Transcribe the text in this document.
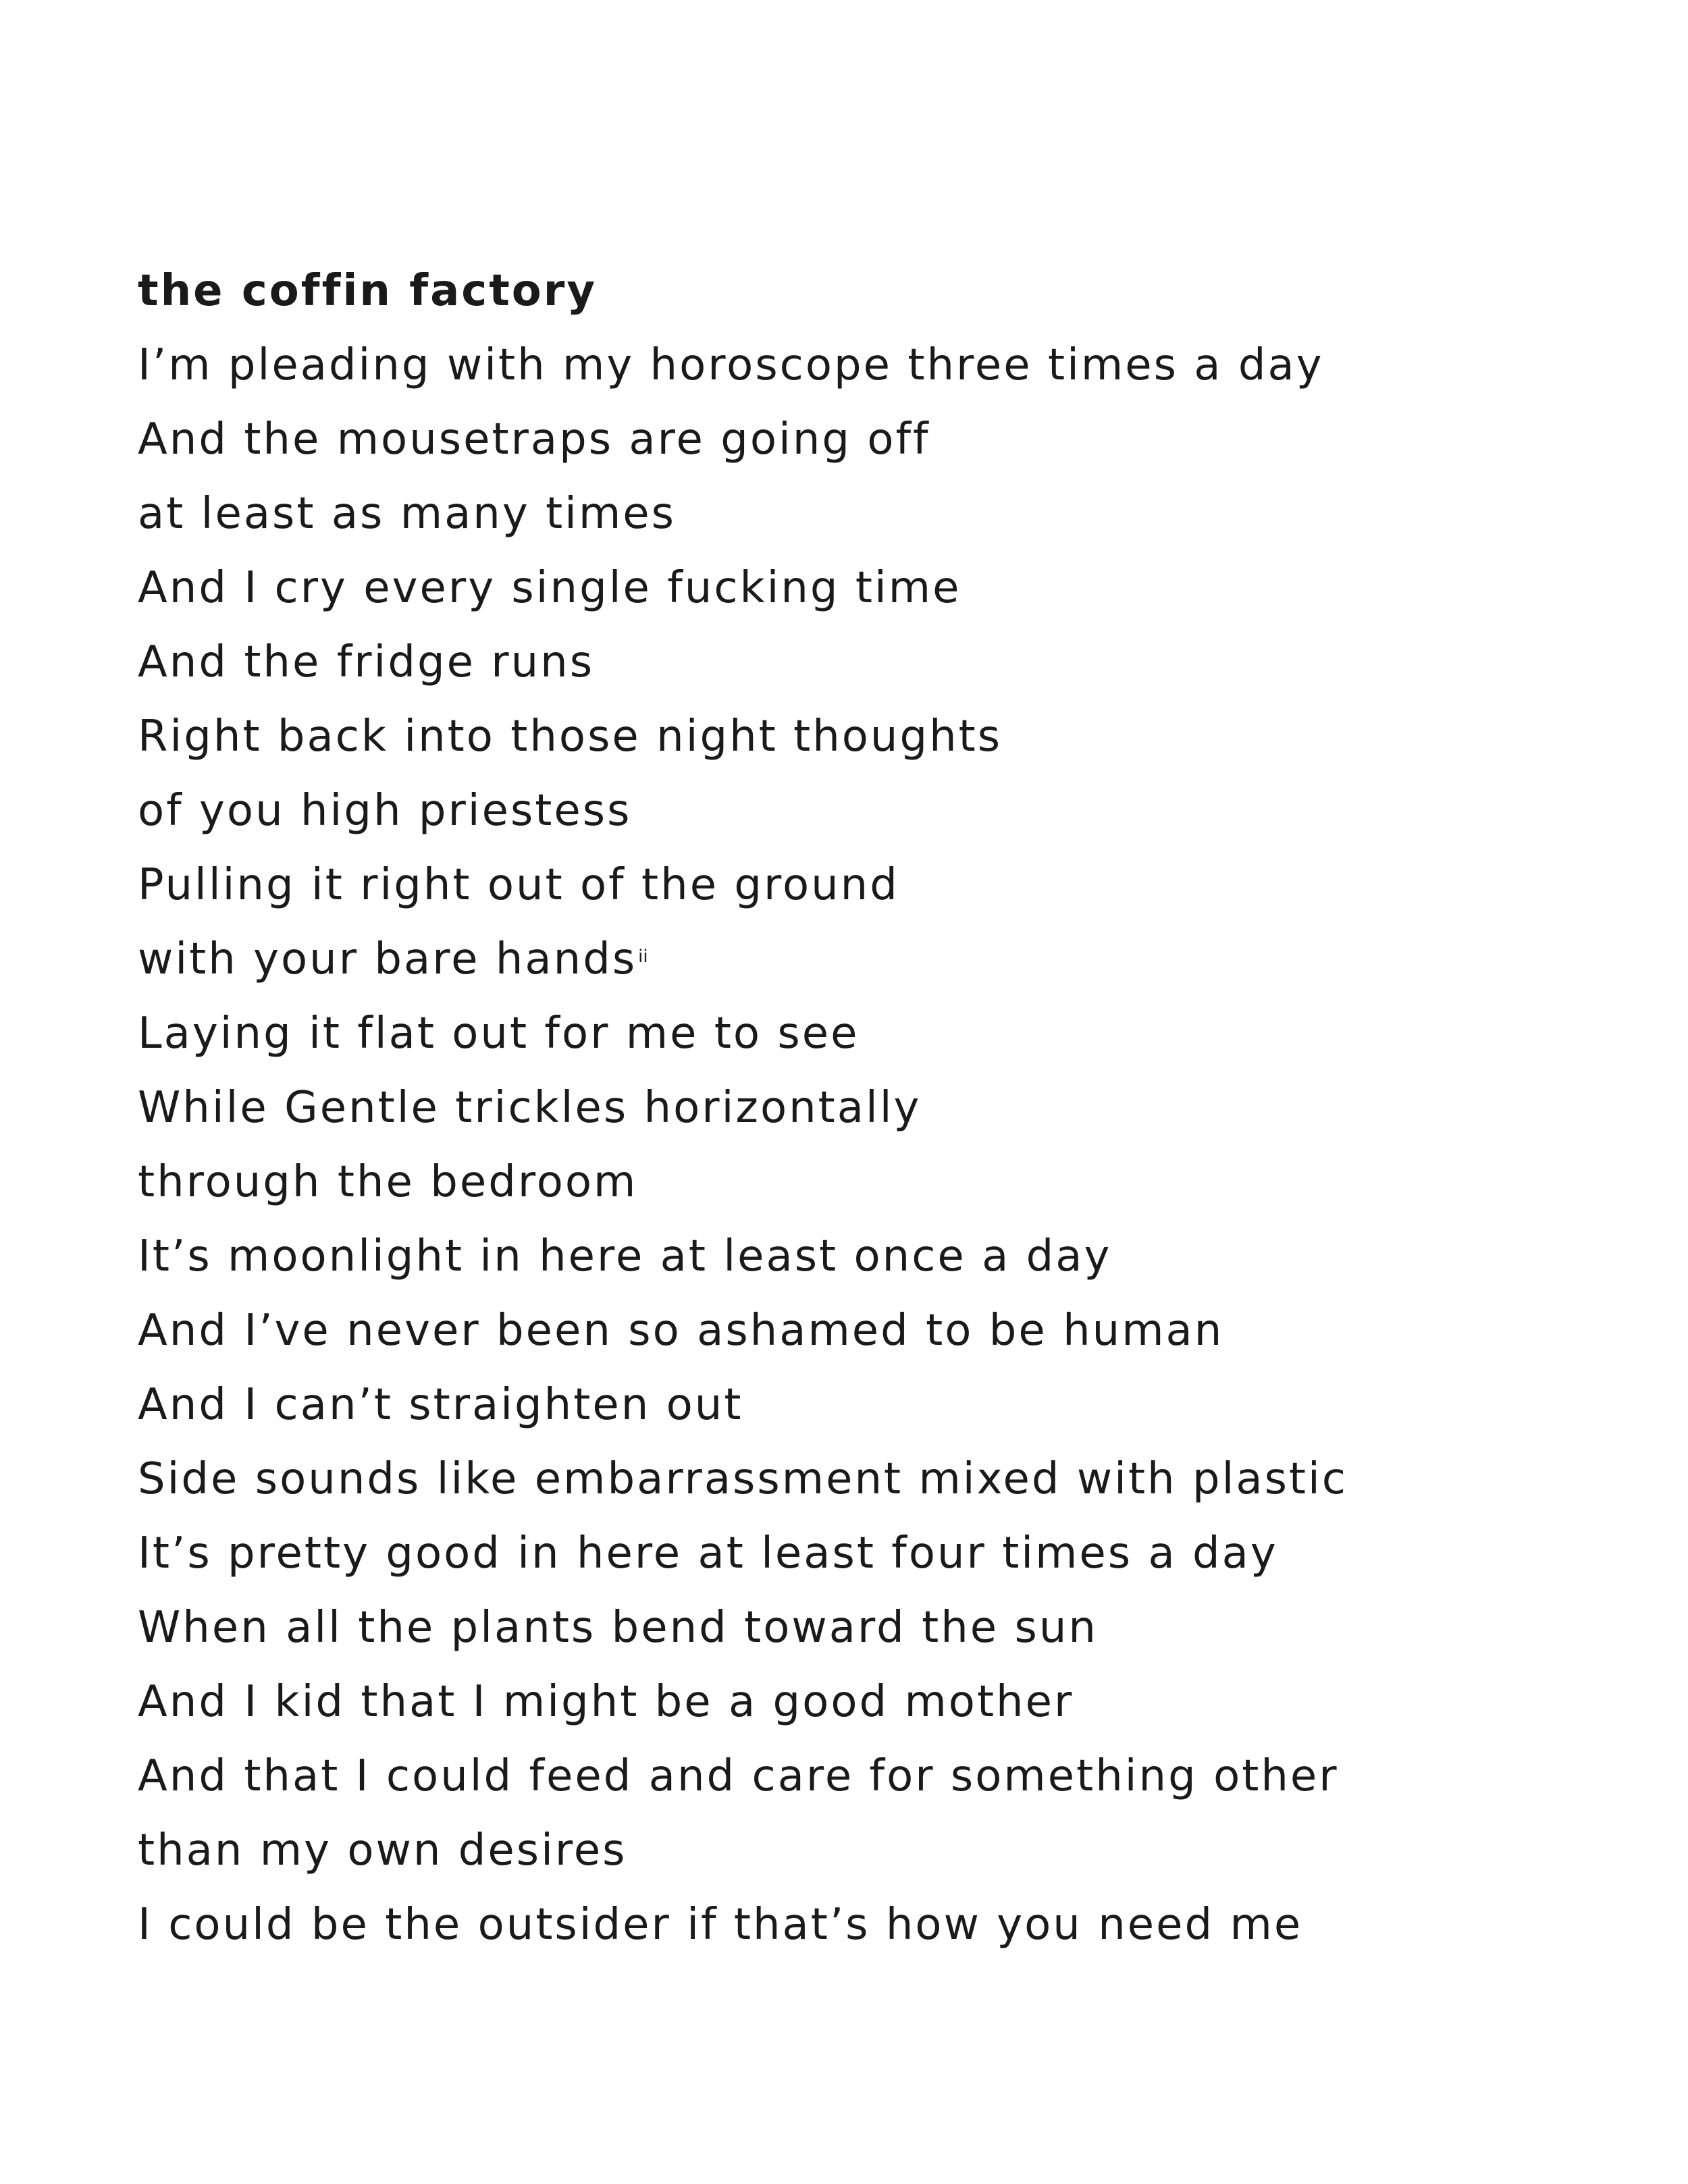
the coffin factory
I’m pleading with my horoscope three times a day
And the mousetraps are going off
at least as many times
And I cry every single fucking time
And the fridge runs
Right back into those night thoughts
of you high priestess
Pulling it right out of the ground
with your bare hands$^{ii}$
Laying it flat out for me to see
While Gentle trickles horizontally
through the bedroom
It’s moonlight in here at least once a day
And I’ve never been so ashamed to be human
And I can’t straighten out
Side sounds like embarrassment mixed with plastic
It’s pretty good in here at least four times a day
When all the plants bend toward the sun
And I kid that I might be a good mother
And that I could feed and care for something other
than my own desires
I could be the outsider if that’s how you need me
